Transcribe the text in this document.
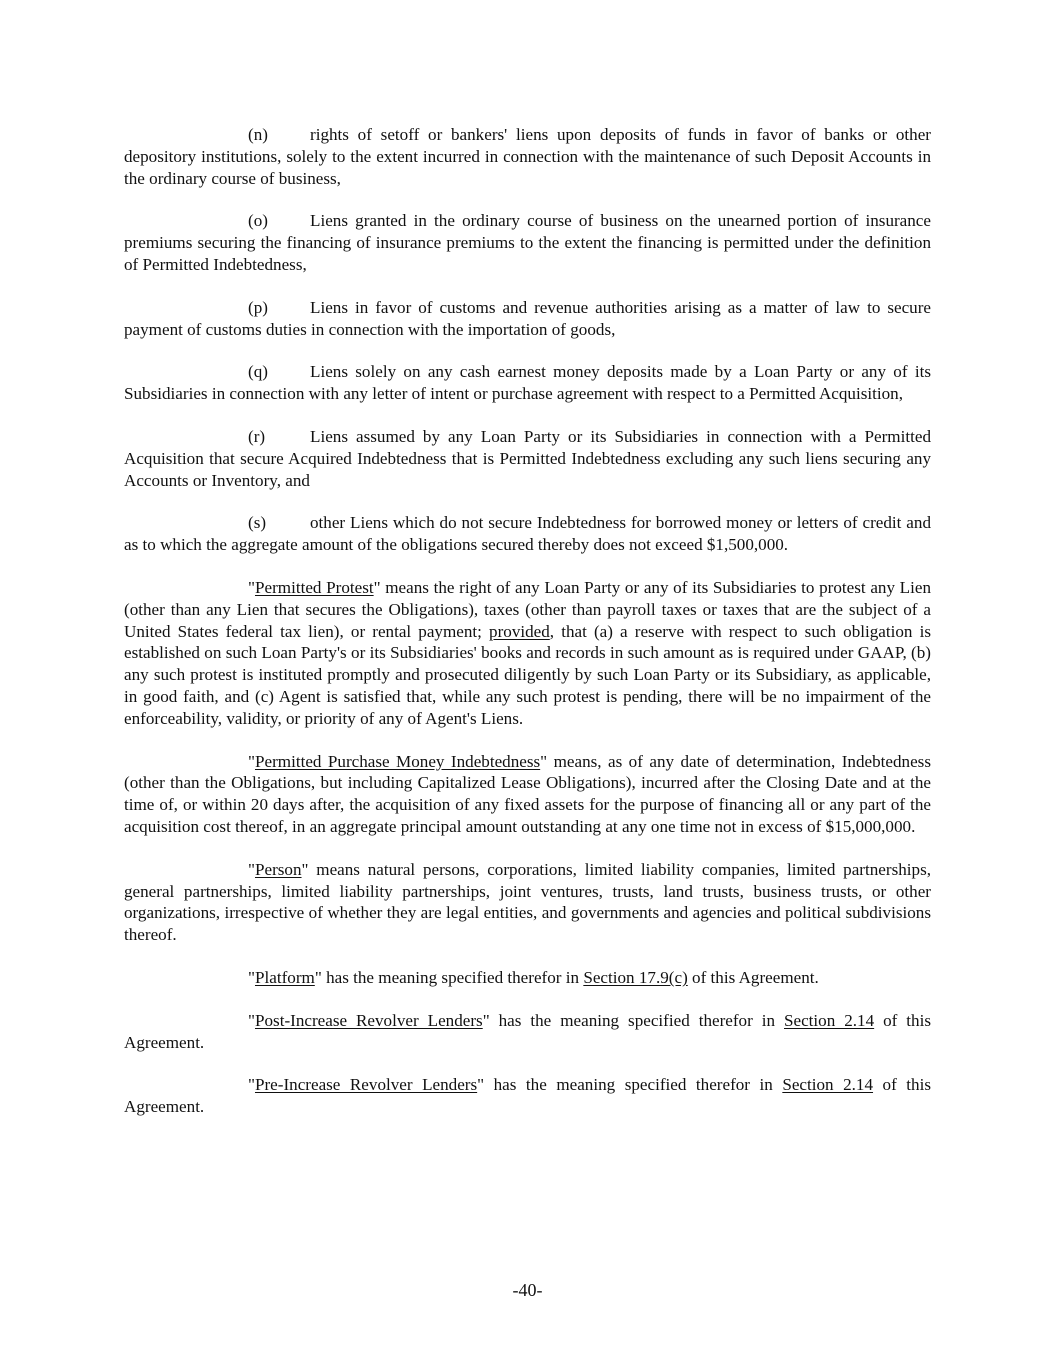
(n) rights of setoff or bankers' liens upon deposits of funds in favor of banks or other depository institutions, solely to the extent incurred in connection with the maintenance of such Deposit Accounts in the ordinary course of business,

(o) Liens granted in the ordinary course of business on the unearned portion of insurance premiums securing the financing of insurance premiums to the extent the financing is permitted under the definition of Permitted Indebtedness,

(p) Liens in favor of customs and revenue authorities arising as a matter of law to secure payment of customs duties in connection with the importation of goods,

(q) Liens solely on any cash earnest money deposits made by a Loan Party or any of its Subsidiaries in connection with any letter of intent or purchase agreement with respect to a Permitted Acquisition,

(r)	Liens assumed by any Loan Party or its Subsidiaries in connection with a Permitted Acquisition that secure Acquired Indebtedness that is Permitted Indebtedness excluding any such liens securing any Accounts or Inventory, and

(s)	other Liens which do not secure Indebtedness for borrowed money or letters of credit and as to which the aggregate amount of the obligations secured thereby does not exceed $1,500,000.

"Permitted Protest" means the right of any Loan Party or any of its Subsidiaries to protest any Lien (other than any Lien that secures the Obligations), taxes (other than payroll taxes or taxes that are the subject of a United States federal tax lien), or rental payment; provided, that (a) a reserve with respect to such obligation is established on such Loan Party's or its Subsidiaries' books and records in such amount as is required under GAAP, (b) any such protest is instituted promptly and prosecuted diligently by such Loan Party or its Subsidiary, as applicable, in good faith, and (c) Agent is satisfied that, while any such protest is pending, there will be no impairment of the enforceability, validity, or priority of any of Agent's Liens.

"Permitted Purchase Money Indebtedness" means, as of any date of determination, Indebtedness (other than the Obligations, but including Capitalized Lease Obligations), incurred after the Closing Date and at the time of, or within 20 days after, the acquisition of any fixed assets for the purpose of financing all or any part of the acquisition cost thereof, in an aggregate principal amount outstanding at any one time not in excess of $15,000,000.

"Person" means natural persons, corporations, limited liability companies, limited partnerships, general partnerships, limited liability partnerships, joint ventures, trusts, land trusts, business trusts, or other organizations, irrespective of whether they are legal entities, and governments and agencies and political subdivisions thereof.

"Platform" has the meaning specified therefor in Section 17.9(c) of this Agreement.

"Post-Increase Revolver Lenders" has the meaning specified therefor in Section 2.14 of this Agreement.

"Pre-Increase Revolver Lenders" has the meaning specified therefor in Section 2.14 of this Agreement.

-40-
